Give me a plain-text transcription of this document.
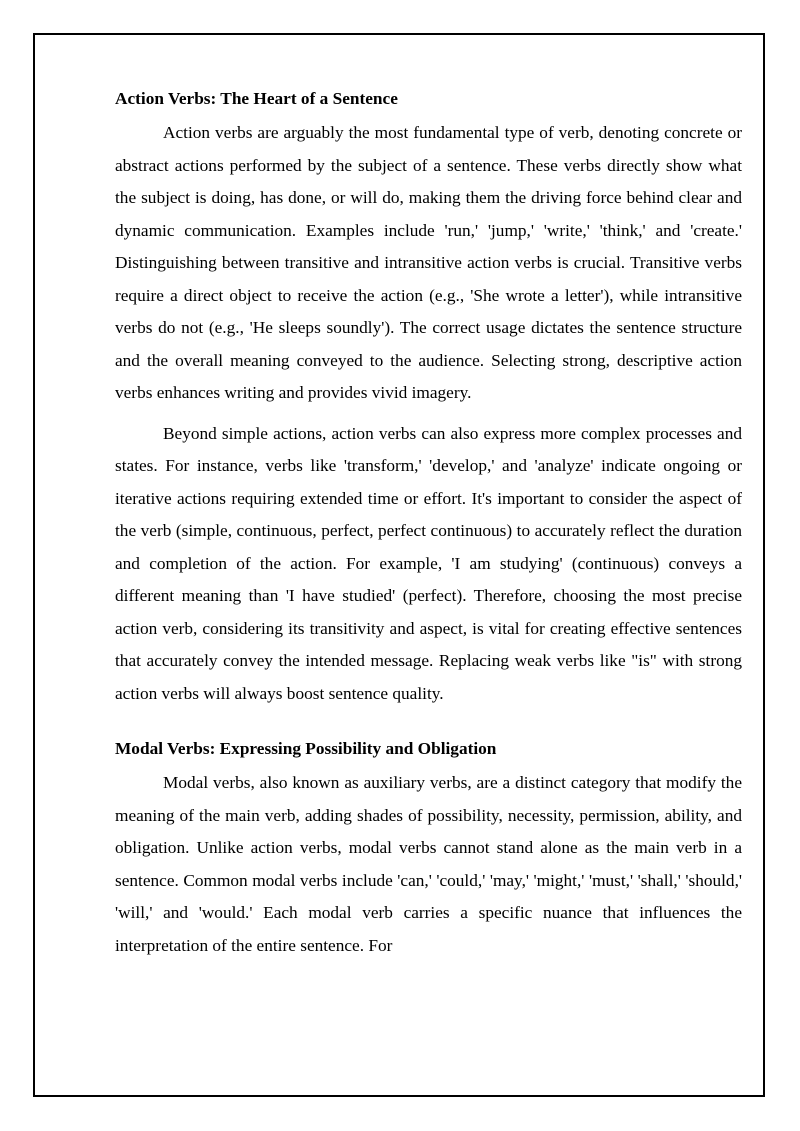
Action Verbs: The Heart of a Sentence

Action verbs are arguably the most fundamental type of verb, denoting concrete or abstract actions performed by the subject of a sentence. These verbs directly show what the subject is doing, has done, or will do, making them the driving force behind clear and dynamic communication. Examples include 'run,' 'jump,' 'write,' 'think,' and 'create.' Distinguishing between transitive and intransitive action verbs is crucial. Transitive verbs require a direct object to receive the action (e.g., 'She wrote a letter'), while intransitive verbs do not (e.g., 'He sleeps soundly'). The correct usage dictates the sentence structure and the overall meaning conveyed to the audience. Selecting strong, descriptive action verbs enhances writing and provides vivid imagery.

Beyond simple actions, action verbs can also express more complex processes and states. For instance, verbs like 'transform,' 'develop,' and 'analyze' indicate ongoing or iterative actions requiring extended time or effort. It's important to consider the aspect of the verb (simple, continuous, perfect, perfect continuous) to accurately reflect the duration and completion of the action. For example, 'I am studying' (continuous) conveys a different meaning than 'I have studied' (perfect). Therefore, choosing the most precise action verb, considering its transitivity and aspect, is vital for creating effective sentences that accurately convey the intended message. Replacing weak verbs like "is" with strong action verbs will always boost sentence quality.

Modal Verbs: Expressing Possibility and Obligation

Modal verbs, also known as auxiliary verbs, are a distinct category that modify the meaning of the main verb, adding shades of possibility, necessity, permission, ability, and obligation. Unlike action verbs, modal verbs cannot stand alone as the main verb in a sentence. Common modal verbs include 'can,' 'could,' 'may,' 'might,' 'must,' 'shall,' 'should,' 'will,' and 'would.' Each modal verb carries a specific nuance that influences the interpretation of the entire sentence. For
